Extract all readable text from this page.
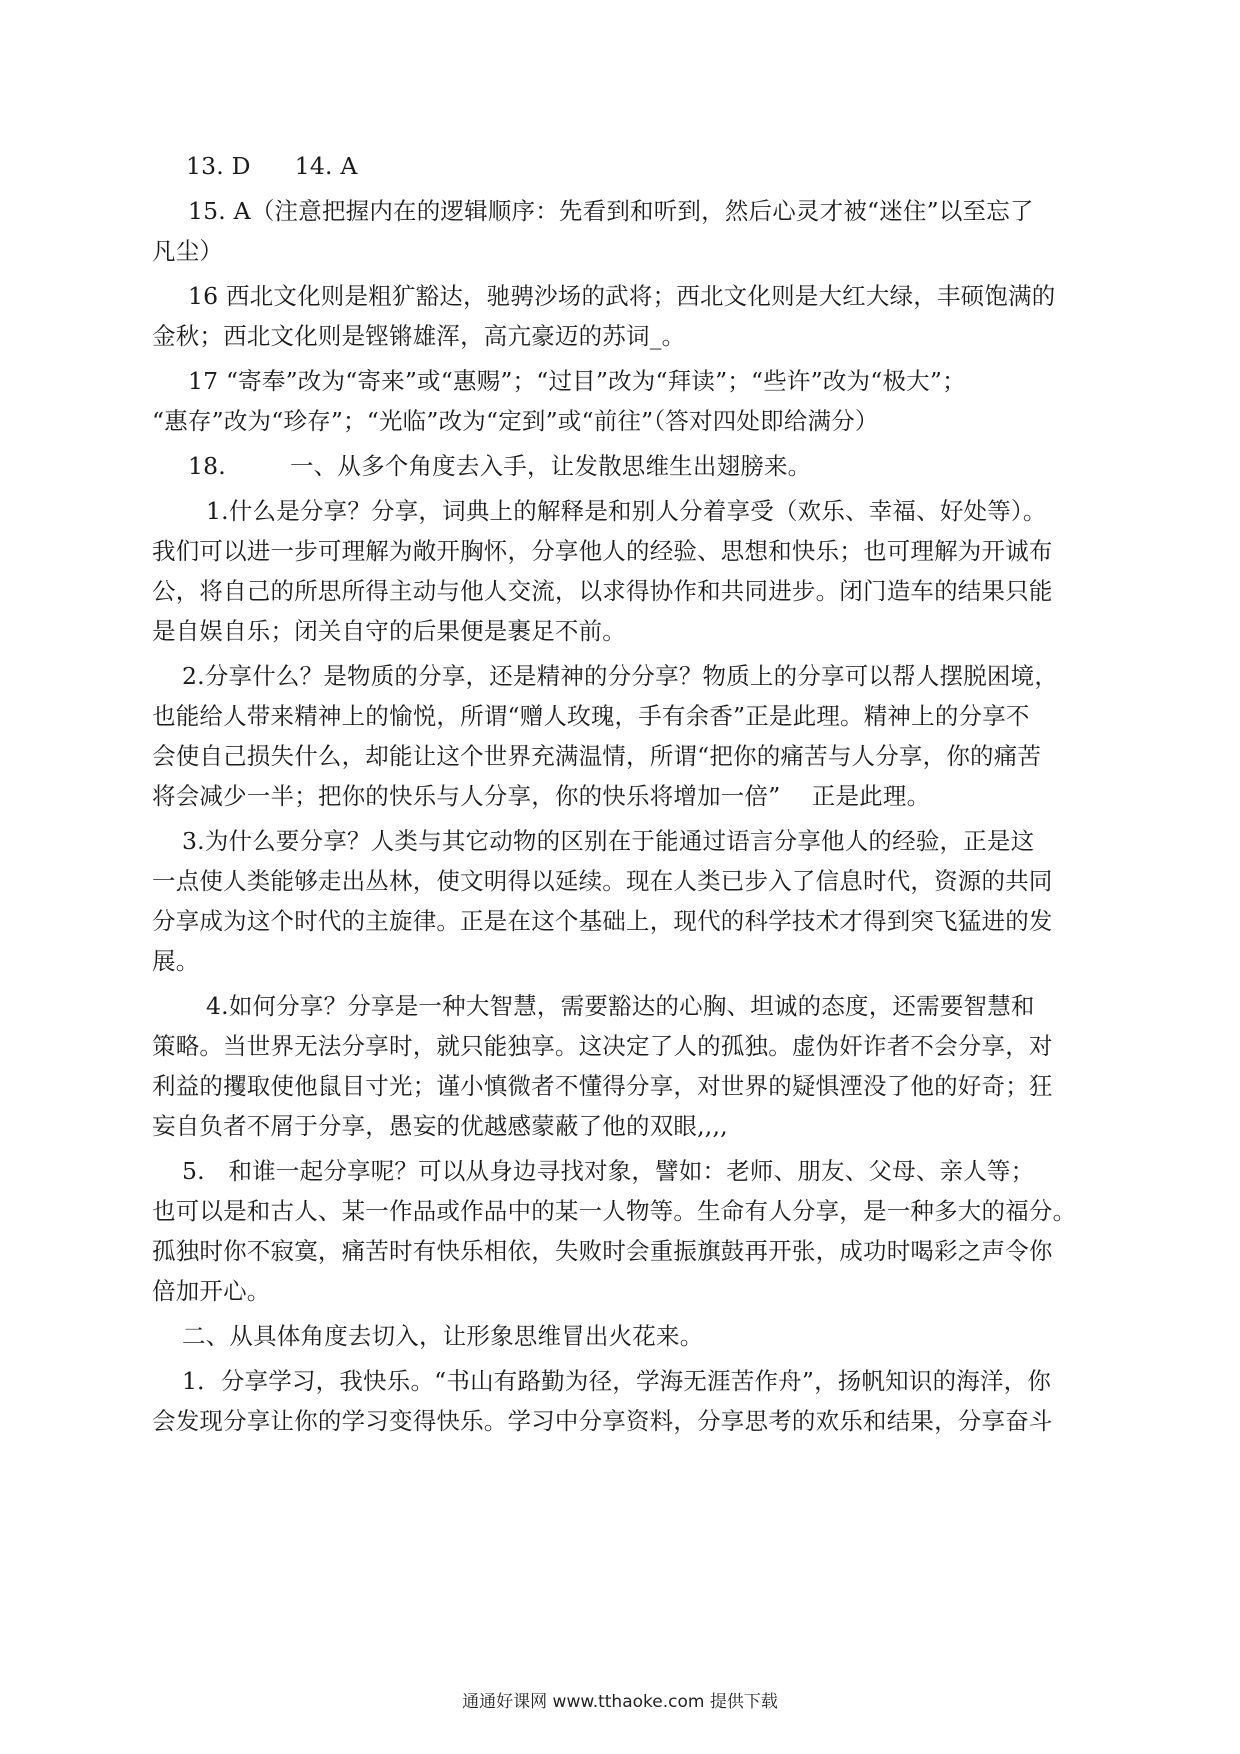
13. D 14. A

15. A（注意把握内在的逻辑顺序：先看到和听到，然后心灵才被“迷住”以至忘了
凡尘）

16 西北文化则是粗犷豁达，驰骋沙场的武将；西北文化则是大红大绿，丰硕饱满的
金秋；西北文化则是铿锵雄浑，高亢豪迈的苏词_。

17 “寄奉”改为“寄来”或“惠赐”；“过目”改为“拜读”；“些许”改为“极大”；
“惠存”改为“珍存”；“光临”改为“定到”或“前往”（答对四处即给满分）

18.	一、从多个角度去入手，让发散思维生出翅膀来。

1.什么是分享？分享，词典上的解释是和别人分着享受（欢乐、幸福、好处等）。
我们可以进一步可理解为敞开胸怀，分享他人的经验、思想和快乐；也可理解为开诚布
公，将自己的所思所得主动与他人交流，以求得协作和共同进步。闭门造车的结果只能
是自娱自乐；闭关自守的后果便是裹足不前。

2.分享什么？是物质的分享，还是精神的分分享？物质上的分享可以帮人摆脱困境，
也能给人带来精神上的愉悦，所谓“赠人玫瑰，手有余香”正是此理。精神上的分享不
会使自己损失什么，却能让这个世界充满温情，所谓“把你的痛苦与人分享，你的痛苦
将会减少一半；把你的快乐与人分享，你的快乐将增加一倍”　 正是此理。

3.为什么要分享？人类与其它动物的区别在于能通过语言分享他人的经验，正是这
一点使人类能够走出丛林，使文明得以延续。现在人类已步入了信息时代，资源的共同
分享成为这个时代的主旋律。正是在这个基础上，现代的科学技术才得到突飞猛进的发
展。

4.如何分享？分享是一种大智慧，需要豁达的心胸、坦诚的态度，还需要智慧和
策略。当世界无法分享时，就只能独享。这决定了人的孤独。虚伪奸诈者不会分享，对
利益的攫取使他鼠目寸光；谨小慎微者不懂得分享，对世界的疑惧湮没了他的好奇；狂
妄自负者不屑于分享，愚妄的优越感蒙蔽了他的双眼,,,,

5.　和谁一起分享呢？可以从身边寻找对象，譬如：老师、朋友、父母、亲人等；
也可以是和古人、某一作品或作品中的某一人物等。生命有人分享，是一种多大的福分。
孤独时你不寂寞，痛苦时有快乐相依，失败时会重振旗鼓再开张，成功时喝彩之声令你
倍加开心。

二、从具体角度去切入，让形象思维冒出火花来。

1．分享学习，我快乐。“书山有路勤为径，学海无涯苦作舟”，扬帆知识的海洋，你
会发现分享让你的学习变得快乐。学习中分享资料，分享思考的欢乐和结果，分享奋斗

通通好课网 www.tthaoke.com 提供下载
